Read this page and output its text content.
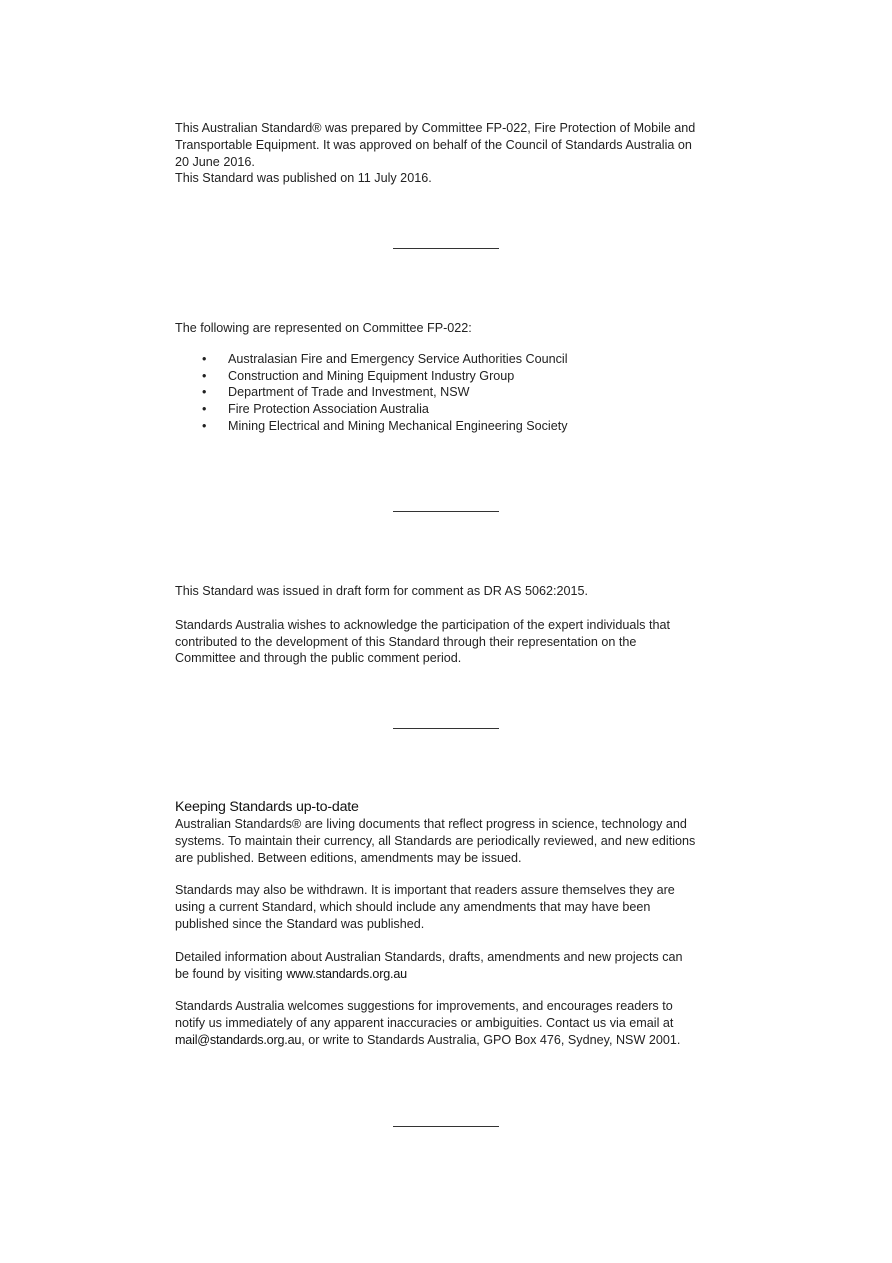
This Australian Standard® was prepared by Committee FP-022, Fire Protection of Mobile and

Transportable Equipment. It was approved on behalf of the Council of Standards Australia on

20 June 2016.

This Standard was published on 11 July 2016.

The following are represented on Committee FP-022:

• Australasian Fire and Emergency Service Authorities Council
• Construction and Mining Equipment Industry Group
• Department of Trade and Investment, NSW
• Fire Protection Association Australia
• Mining Electrical and Mining Mechanical Engineering Society

This Standard was issued in draft form for comment as DR AS 5062:2015.

Standards Australia wishes to acknowledge the participation of the expert individuals that

contributed to the development of this Standard through their representation on the

Committee and through the public comment period.

Keeping Standards up-to-date

Australian Standards® are living documents that reflect progress in science, technology and

systems. To maintain their currency, all Standards are periodically reviewed, and new editions

are published. Between editions, amendments may be issued.

Standards may also be withdrawn. It is important that readers assure themselves they are

using a current Standard, which should include any amendments that may have been

published since the Standard was published.

Detailed information about Australian Standards, drafts, amendments and new projects can

be found by visiting www.standards.org.au

Standards Australia welcomes suggestions for improvements, and encourages readers to

notify us immediately of any apparent inaccuracies or ambiguities. Contact us via email at

mail@standards.org.au, or write to Standards Australia, GPO Box 476, Sydney, NSW 2001.
